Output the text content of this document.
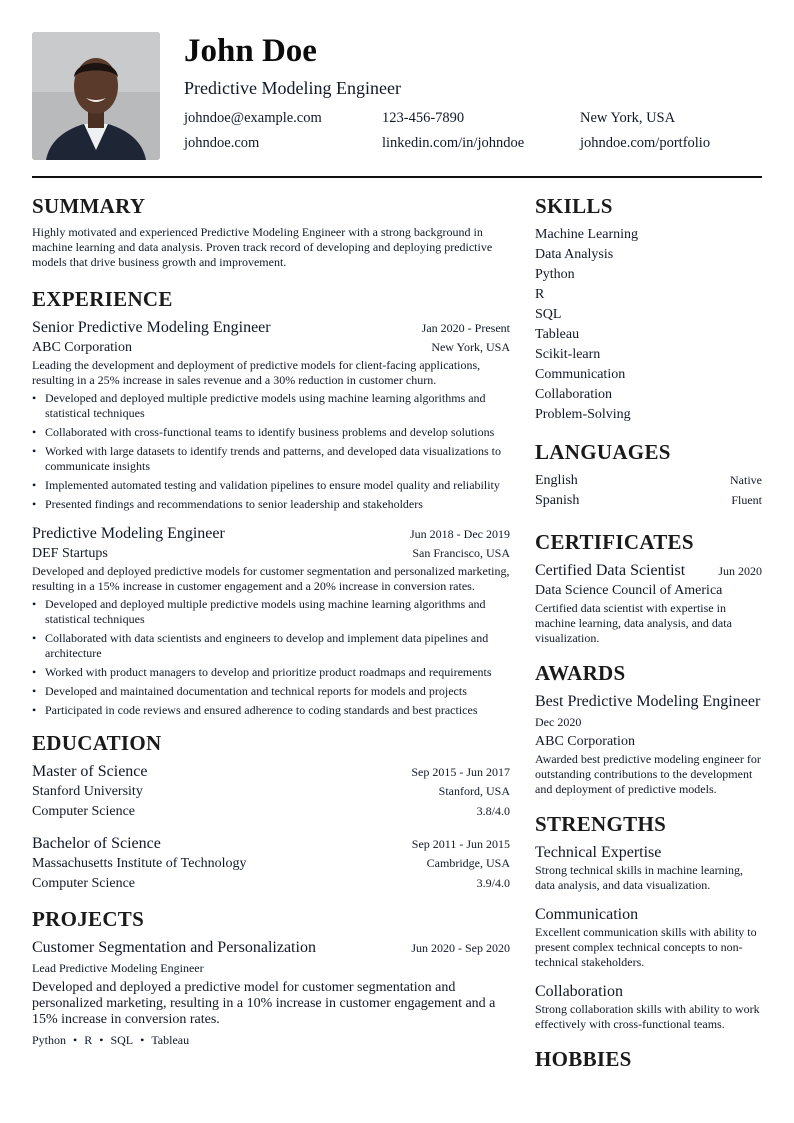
John Doe
Predictive Modeling Engineer
johndoe@example.com	123-456-7890	New York, USA
johndoe.com	linkedin.com/in/johndoe	johndoe.com/portfolio
SUMMARY

Highly motivated and experienced Predictive Modeling Engineer with a strong background in machine learning and data analysis. Proven track record of developing and deploying predictive models that drive business growth and improvement.

EXPERIENCE
Senior Predictive Modeling Engineer	Jan 2020 - Present
ABC Corporation	New York, USA

Leading the development and deployment of predictive models for client-facing applications, resulting in a 25% increase in sales revenue and a 30% reduction in customer churn.

• Developed and deployed multiple predictive models using machine learning algorithms and statistical techniques
• Collaborated with cross-functional teams to identify business problems and develop solutions
• Worked with large datasets to identify trends and patterns, and developed data visualizations to communicate insights
• Implemented automated testing and validation pipelines to ensure model quality and reliability
• Presented findings and recommendations to senior leadership and stakeholders
Predictive Modeling Engineer	Jun 2018 - Dec 2019
DEF Startups	San Francisco, USA

Developed and deployed predictive models for customer segmentation and personalized marketing, resulting in a 15% increase in customer engagement and a 20% increase in conversion rates.

• Developed and deployed multiple predictive models using machine learning algorithms and statistical techniques
• Collaborated with data scientists and engineers to develop and implement data pipelines and architecture
• Worked with product managers to develop and prioritize product roadmaps and requirements
• Developed and maintained documentation and technical reports for models and projects
• Participated in code reviews and ensured adherence to coding standards and best practices
EDUCATION
Master of Science	Sep 2015 - Jun 2017
Stanford University	Stanford, USA
Computer Science	3.8/4.0
Bachelor of Science	Sep 2011 - Jun 2015
Massachusetts Institute of Technology	Cambridge, USA
Computer Science	3.9/4.0
PROJECTS
Customer Segmentation and Personalization	Jun 2020 - Sep 2020
Lead Predictive Modeling Engineer

Developed and deployed a predictive model for customer segmentation and personalized marketing, resulting in a 10% increase in customer engagement and a 15% increase in conversion rates.

Python • R • SQL • Tableau
SKILLS
Machine Learning
Data Analysis
Python
R
SQL
Tableau
Scikit-learn
Communication
Collaboration
Problem-Solving
LANGUAGES
English	Native
Spanish	Fluent
CERTIFICATES
Certified Data Scientist	Jun 2020
Data Science Council of America

Certified data scientist with expertise in machine learning, data analysis, and data visualization.

AWARDS
Best Predictive Modeling Engineer
Dec 2020
ABC Corporation

Awarded best predictive modeling engineer for outstanding contributions to the development and deployment of predictive models.

STRENGTHS
Technical Expertise

Strong technical skills in machine learning, data analysis, and data visualization.

Communication

Excellent communication skills with ability to present complex technical concepts to non-technical stakeholders.

Collaboration

Strong collaboration skills with ability to work effectively with cross-functional teams.

HOBBIES
